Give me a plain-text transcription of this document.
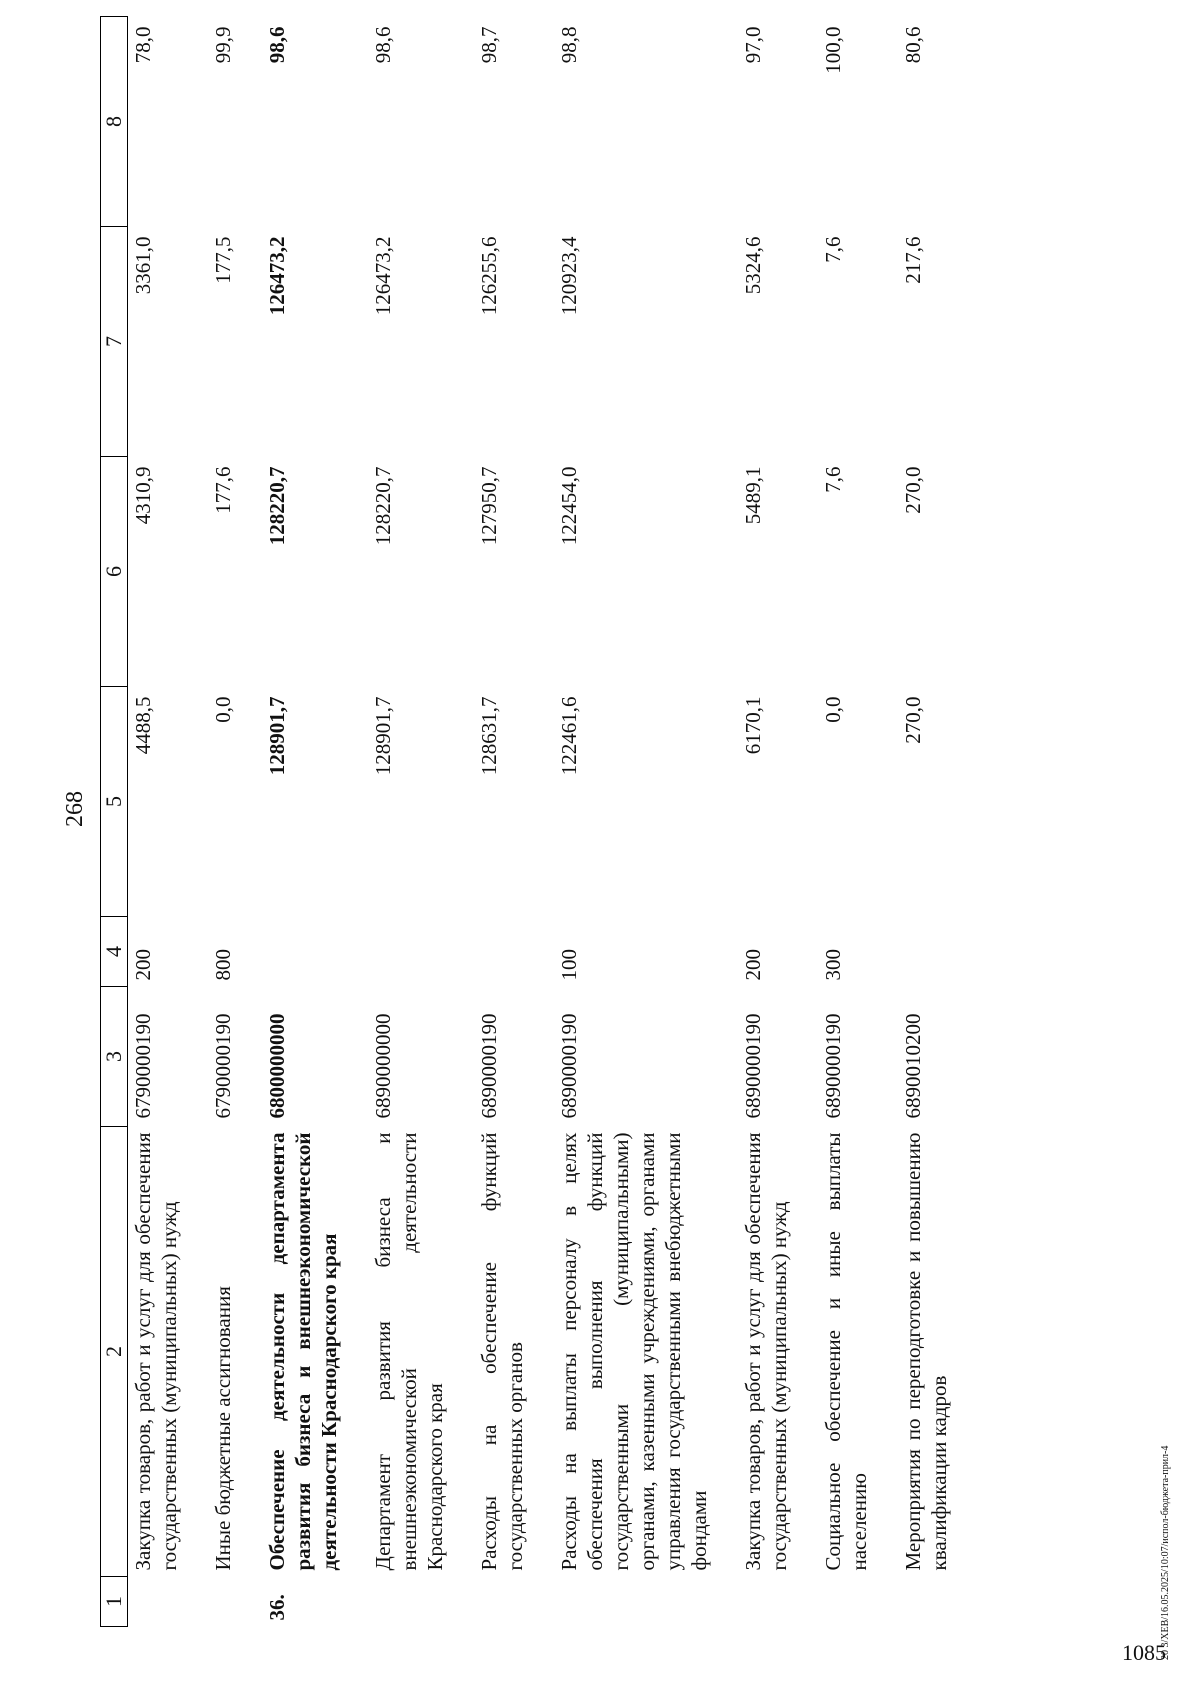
268
1	2	3	4	5	6	7	8
	Закупка товаров, работ и услуг для обеспечения государственных (муниципальных) нужд	6790000190	200	4488,5	4310,9	3361,0	78,0
	Иные бюджетные ассигнования	6790000190	800	0,0	177,6	177,5	99,9
36.	Обеспечение деятельности департамента развития бизнеса и внешнеэкономической деятельности Краснодарского края	6800000000		128901,7	128220,7	126473,2	98,6
	Департамент развития бизнеса и внешнеэкономической деятельности Краснодарского края	6890000000		128901,7	128220,7	126473,2	98,6
	Расходы на обеспечение функций государственных органов	6890000190		128631,7	127950,7	126255,6	98,7
	Расходы на выплаты персоналу в целях обеспечения выполнения функций государственными (муниципальными) органами, казенными учреждениями, органами управления государственными внебюджетными фондами	6890000190	100	122461,6	122454,0	120923,4	98,8
	Закупка товаров, работ и услуг для обеспечения государственных (муниципальных) нужд	6890000190	200	6170,1	5489,1	5324,6	97,0
	Социальное обеспечение и иные выплаты населению	6890000190	300	0,0	7,6	7,6	100,0
	Мероприятия по переподготовке и повышению квалификации кадров	6890010200		270,0	270,0	217,6	80,6
20 3/ХЕВ/16.05.2025/10:07/испол-бюджета-прил-4
1085
